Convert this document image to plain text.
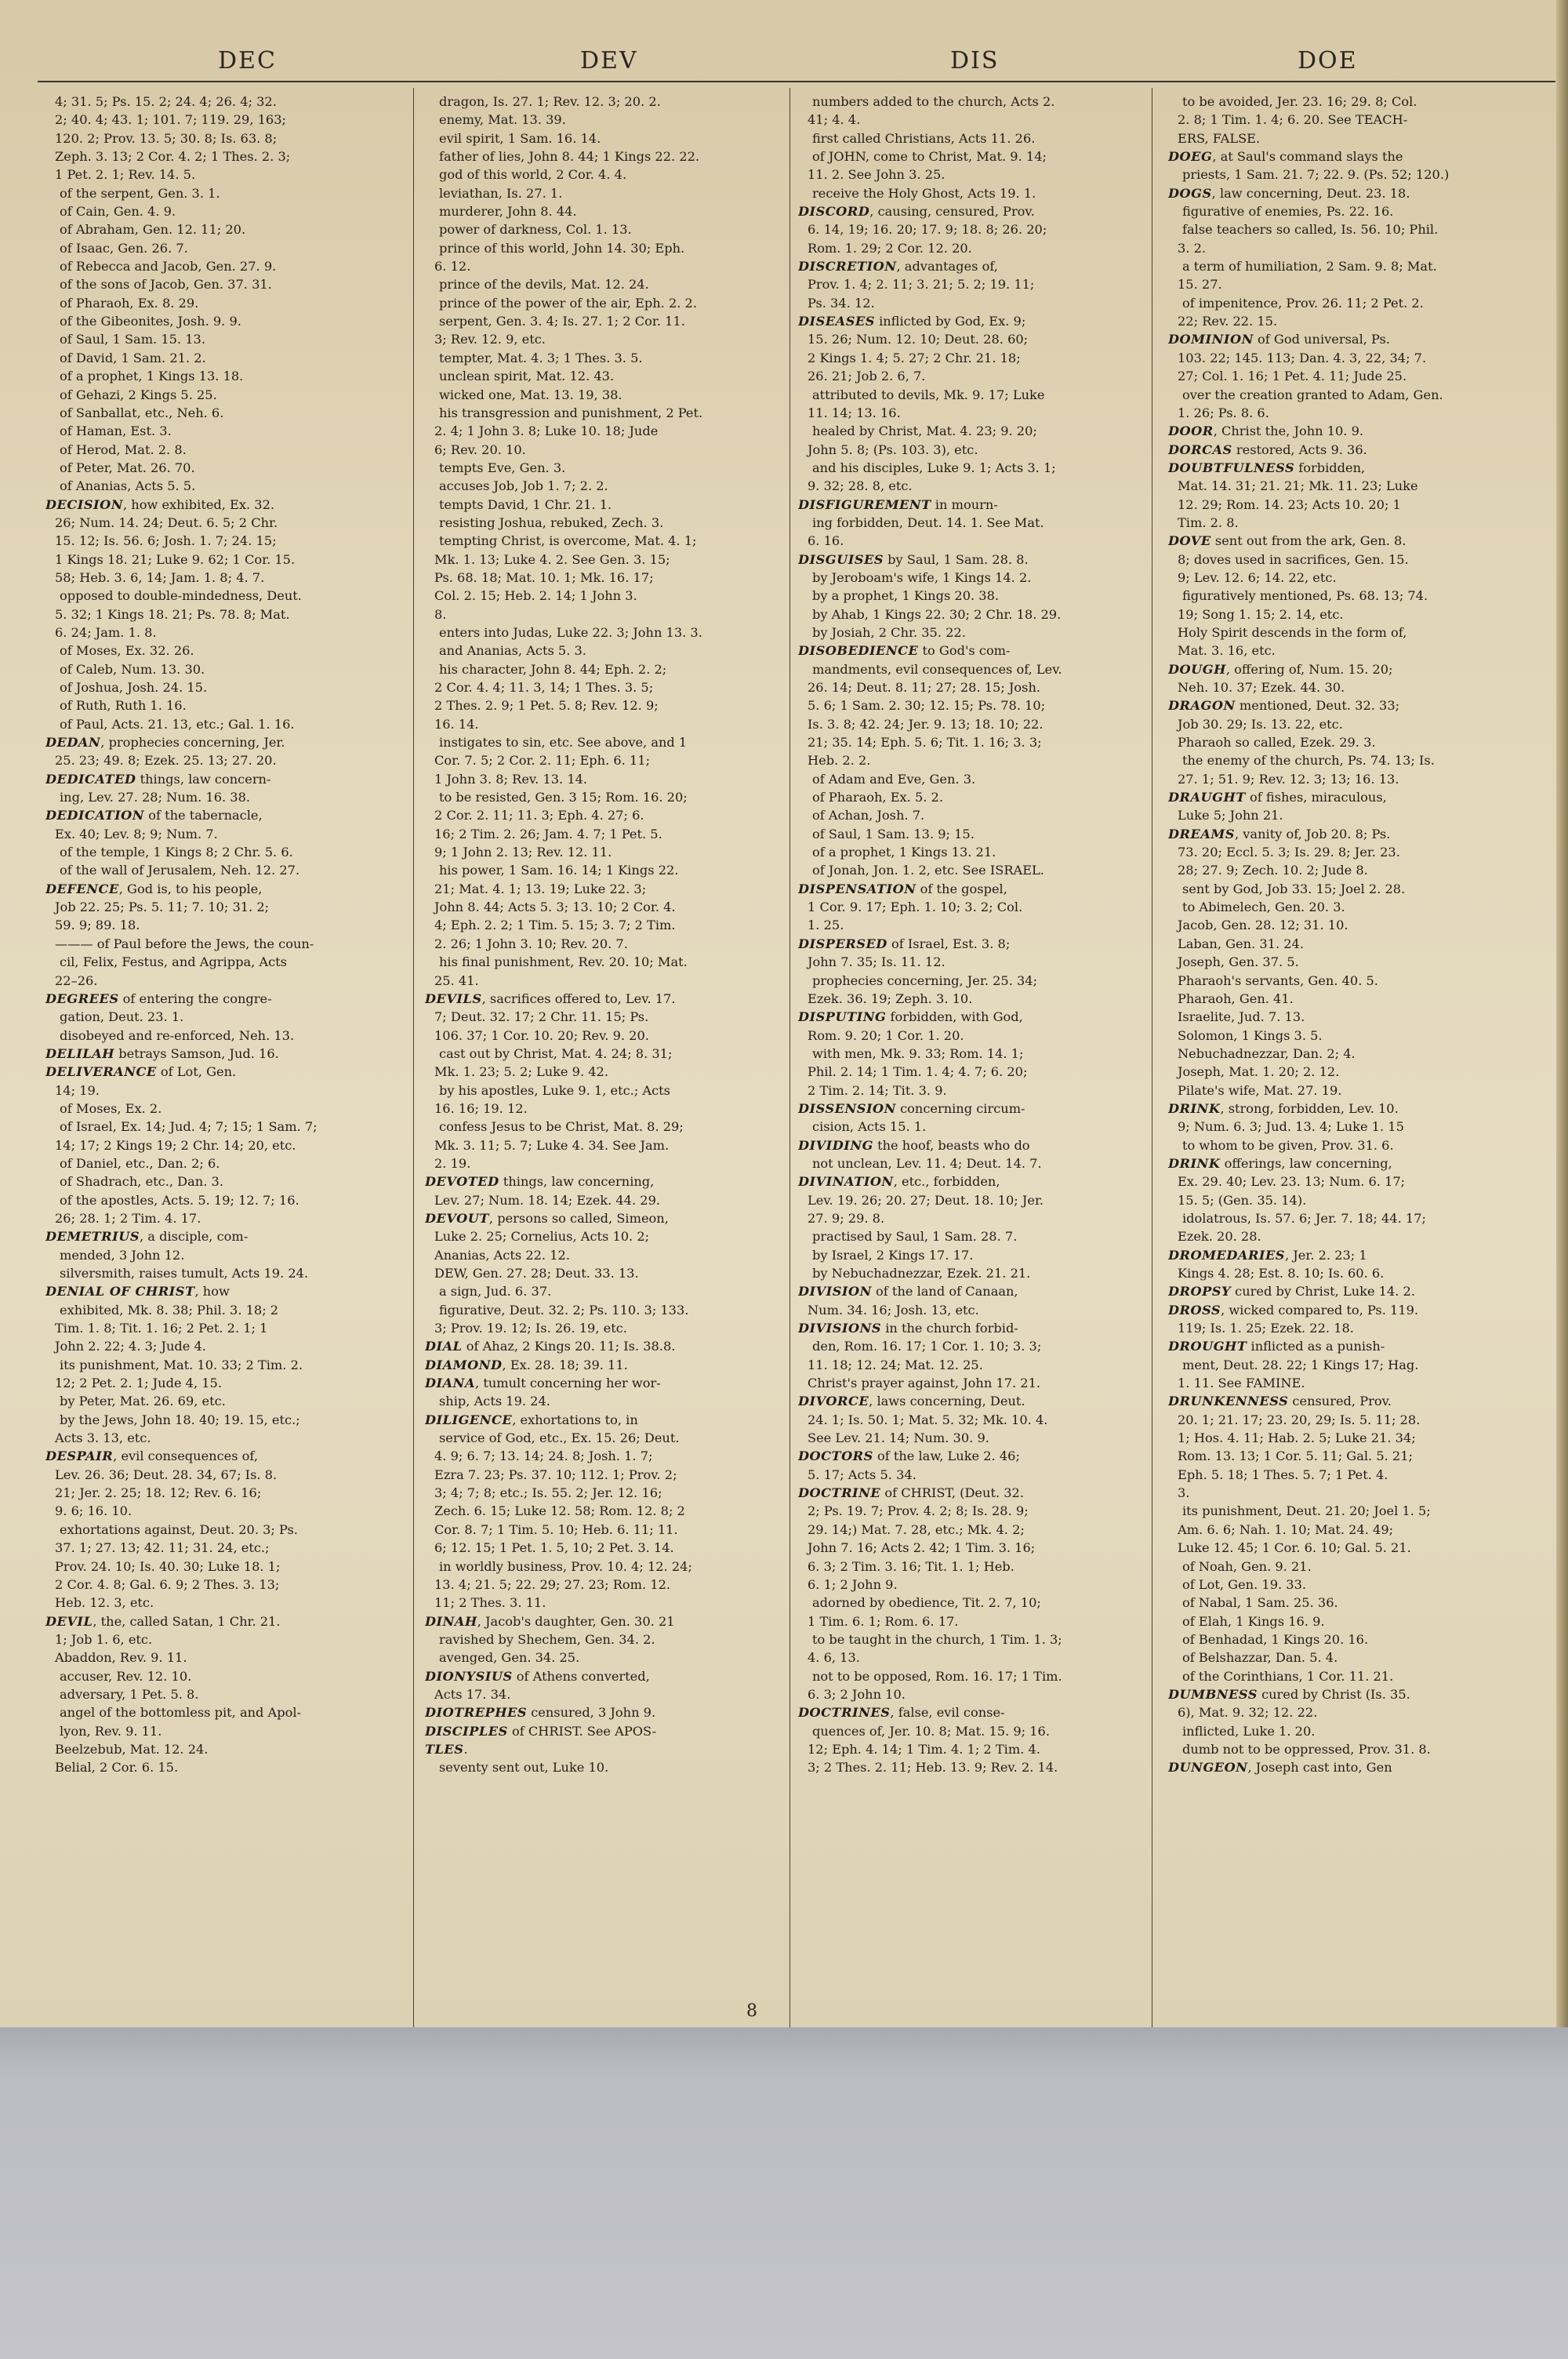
DEC	DEV	DIS	DOE
4; 31. 5; Ps. 15. 2; 24. 4; 26. 4; 32.
2; 40. 4; 43. 1; 101. 7; 119. 29, 163;
120. 2; Prov. 13. 5; 30. 8; Is. 63. 8;
Zeph. 3. 13; 2 Cor. 4. 2; 1 Thes. 2. 3;
1 Pet. 2. 1; Rev. 14. 5.
of the serpent, Gen. 3. 1.
of Cain, Gen. 4. 9.
of Abraham, Gen. 12. 11; 20.
of Isaac, Gen. 26. 7.
of Rebecca and Jacob, Gen. 27. 9.
of the sons of Jacob, Gen. 37. 31.
of Pharaoh, Ex. 8. 29.
of the Gibeonites, Josh. 9. 9.
of Saul, 1 Sam. 15. 13.
of David, 1 Sam. 21. 2.
of a prophet, 1 Kings 13. 18.
of Gehazi, 2 Kings 5. 25.
of Sanballat, etc., Neh. 6.
of Haman, Est. 3.
of Herod, Mat. 2. 8.
of Peter, Mat. 26. 70.
of Ananias, Acts 5. 5.
DECISION, how exhibited, Ex. 32.
26; Num. 14. 24; Deut. 6. 5; 2 Chr.
15. 12; Is. 56. 6; Josh. 1. 7; 24. 15;
1 Kings 18. 21; Luke 9. 62; 1 Cor. 15.
58; Heb. 3. 6, 14; Jam. 1. 8; 4. 7.
opposed to double-mindedness, Deut.
5. 32; 1 Kings 18. 21; Ps. 78. 8; Mat.
6. 24; Jam. 1. 8.
of Moses, Ex. 32. 26.
of Caleb, Num. 13. 30.
of Joshua, Josh. 24. 15.
of Ruth, Ruth 1. 16.
of Paul, Acts. 21. 13, etc.; Gal. 1. 16.
DEDAN, prophecies concerning, Jer.
25. 23; 49. 8; Ezek. 25. 13; 27. 20.
DEDICATED things, law concern-
ing, Lev. 27. 28; Num. 16. 38.
DEDICATION of the tabernacle,
Ex. 40; Lev. 8; 9; Num. 7.
of the temple, 1 Kings 8; 2 Chr. 5. 6.
of the wall of Jerusalem, Neh. 12. 27.
DEFENCE, God is, to his people,
Job 22. 25; Ps. 5. 11; 7. 10; 31. 2;
59. 9; 89. 18.
——— of Paul before the Jews, the coun-
cil, Felix, Festus, and Agrippa, Acts
22–26.
DEGREES of entering the congre-
gation, Deut. 23. 1.
disobeyed and re-enforced, Neh. 13.
DELILAH betrays Samson, Jud. 16.
DELIVERANCE of Lot, Gen.
14; 19.
of Moses, Ex. 2.
of Israel, Ex. 14; Jud. 4; 7; 15; 1 Sam. 7;
14; 17; 2 Kings 19; 2 Chr. 14; 20, etc.
of Daniel, etc., Dan. 2; 6.
of Shadrach, etc., Dan. 3.
of the apostles, Acts. 5. 19; 12. 7; 16.
26; 28. 1; 2 Tim. 4. 17.
DEMETRIUS, a disciple, com-
mended, 3 John 12.
silversmith, raises tumult, Acts 19. 24.
DENIAL OF CHRIST, how
exhibited, Mk. 8. 38; Phil. 3. 18; 2
Tim. 1. 8; Tit. 1. 16; 2 Pet. 2. 1; 1
John 2. 22; 4. 3; Jude 4.
its punishment, Mat. 10. 33; 2 Tim. 2.
12; 2 Pet. 2. 1; Jude 4, 15.
by Peter, Mat. 26. 69, etc.
by the Jews, John 18. 40; 19. 15, etc.;
Acts 3. 13, etc.
DESPAIR, evil consequences of,
Lev. 26. 36; Deut. 28. 34, 67; Is. 8.
21; Jer. 2. 25; 18. 12; Rev. 6. 16;
9. 6; 16. 10.
exhortations against, Deut. 20. 3; Ps.
37. 1; 27. 13; 42. 11; 31. 24, etc.;
Prov. 24. 10; Is. 40. 30; Luke 18. 1;
2 Cor. 4. 8; Gal. 6. 9; 2 Thes. 3. 13;
Heb. 12. 3, etc.
DEVIL, the, called Satan, 1 Chr. 21.
1; Job 1. 6, etc.
Abaddon, Rev. 9. 11.
accuser, Rev. 12. 10.
adversary, 1 Pet. 5. 8.
angel of the bottomless pit, and Apol-
lyon, Rev. 9. 11.
Beelzebub, Mat. 12. 24.
Belial, 2 Cor. 6. 15.
dragon, Is. 27. 1; Rev. 12. 3; 20. 2.
enemy, Mat. 13. 39.
evil spirit, 1 Sam. 16. 14.
father of lies, John 8. 44; 1 Kings 22. 22.
god of this world, 2 Cor. 4. 4.
leviathan, Is. 27. 1.
murderer, John 8. 44.
power of darkness, Col. 1. 13.
prince of this world, John 14. 30; Eph.
6. 12.
prince of the devils, Mat. 12. 24.
prince of the power of the air, Eph. 2. 2.
serpent, Gen. 3. 4; Is. 27. 1; 2 Cor. 11.
3; Rev. 12. 9, etc.
tempter, Mat. 4. 3; 1 Thes. 3. 5.
unclean spirit, Mat. 12. 43.
wicked one, Mat. 13. 19, 38.
his transgression and punishment, 2 Pet.
2. 4; 1 John 3. 8; Luke 10. 18; Jude
6; Rev. 20. 10.
tempts Eve, Gen. 3.
accuses Job, Job 1. 7; 2. 2.
tempts David, 1 Chr. 21. 1.
resisting Joshua, rebuked, Zech. 3.
tempting Christ, is overcome, Mat. 4. 1;
Mk. 1. 13; Luke 4. 2. See Gen. 3. 15;
Ps. 68. 18; Mat. 10. 1; Mk. 16. 17;
Col. 2. 15; Heb. 2. 14; 1 John 3.
8.
enters into Judas, Luke 22. 3; John 13. 3.
and Ananias, Acts 5. 3.
his character, John 8. 44; Eph. 2. 2;
2 Cor. 4. 4; 11. 3, 14; 1 Thes. 3. 5;
2 Thes. 2. 9; 1 Pet. 5. 8; Rev. 12. 9;
16. 14.
instigates to sin, etc. See above, and 1
Cor. 7. 5; 2 Cor. 2. 11; Eph. 6. 11;
1 John 3. 8; Rev. 13. 14.
to be resisted, Gen. 3 15; Rom. 16. 20;
2 Cor. 2. 11; 11. 3; Eph. 4. 27; 6.
16; 2 Tim. 2. 26; Jam. 4. 7; 1 Pet. 5.
9; 1 John 2. 13; Rev. 12. 11.
his power, 1 Sam. 16. 14; 1 Kings 22.
21; Mat. 4. 1; 13. 19; Luke 22. 3;
John 8. 44; Acts 5. 3; 13. 10; 2 Cor. 4.
4; Eph. 2. 2; 1 Tim. 5. 15; 3. 7; 2 Tim.
2. 26; 1 John 3. 10; Rev. 20. 7.
his final punishment, Rev. 20. 10; Mat.
25. 41.
DEVILS, sacrifices offered to, Lev. 17.
7; Deut. 32. 17; 2 Chr. 11. 15; Ps.
106. 37; 1 Cor. 10. 20; Rev. 9. 20.
cast out by Christ, Mat. 4. 24; 8. 31;
Mk. 1. 23; 5. 2; Luke 9. 42.
by his apostles, Luke 9. 1, etc.; Acts
16. 16; 19. 12.
confess Jesus to be Christ, Mat. 8. 29;
Mk. 3. 11; 5. 7; Luke 4. 34. See Jam.
2. 19.
DEVOTED things, law concerning,
Lev. 27; Num. 18. 14; Ezek. 44. 29.
DEVOUT, persons so called, Simeon,
Luke 2. 25; Cornelius, Acts 10. 2;
Ananias, Acts 22. 12.
DEW, Gen. 27. 28; Deut. 33. 13.
a sign, Jud. 6. 37.
figurative, Deut. 32. 2; Ps. 110. 3; 133.
3; Prov. 19. 12; Is. 26. 19, etc.
DIAL of Ahaz, 2 Kings 20. 11; Is. 38.8.
DIAMOND, Ex. 28. 18; 39. 11.
DIANA, tumult concerning her wor-
ship, Acts 19. 24.
DILIGENCE, exhortations to, in
service of God, etc., Ex. 15. 26; Deut.
4. 9; 6. 7; 13. 14; 24. 8; Josh. 1. 7;
Ezra 7. 23; Ps. 37. 10; 112. 1; Prov. 2;
3; 4; 7; 8; etc.; Is. 55. 2; Jer. 12. 16;
Zech. 6. 15; Luke 12. 58; Rom. 12. 8; 2
Cor. 8. 7; 1 Tim. 5. 10; Heb. 6. 11; 11.
6; 12. 15; 1 Pet. 1. 5, 10; 2 Pet. 3. 14.
in worldly business, Prov. 10. 4; 12. 24;
13. 4; 21. 5; 22. 29; 27. 23; Rom. 12.
11; 2 Thes. 3. 11.
DINAH, Jacob's daughter, Gen. 30. 21
ravished by Shechem, Gen. 34. 2.
avenged, Gen. 34. 25.
DIONYSIUS of Athens converted,
Acts 17. 34.
DIOTREPHES censured, 3 John 9.
DISCIPLES of CHRIST. See APOS-
TLES.
seventy sent out, Luke 10.
numbers added to the church, Acts 2.
41; 4. 4.
first called Christians, Acts 11. 26.
of JOHN, come to Christ, Mat. 9. 14;
11. 2. See John 3. 25.
receive the Holy Ghost, Acts 19. 1.
DISCORD, causing, censured, Prov.
6. 14, 19; 16. 20; 17. 9; 18. 8; 26. 20;
Rom. 1. 29; 2 Cor. 12. 20.
DISCRETION, advantages of,
Prov. 1. 4; 2. 11; 3. 21; 5. 2; 19. 11;
Ps. 34. 12.
DISEASES inflicted by God, Ex. 9;
15. 26; Num. 12. 10; Deut. 28. 60;
2 Kings 1. 4; 5. 27; 2 Chr. 21. 18;
26. 21; Job 2. 6, 7.
attributed to devils, Mk. 9. 17; Luke
11. 14; 13. 16.
healed by Christ, Mat. 4. 23; 9. 20;
John 5. 8; (Ps. 103. 3), etc.
and his disciples, Luke 9. 1; Acts 3. 1;
9. 32; 28. 8, etc.
DISFIGUREMENT in mourn-
ing forbidden, Deut. 14. 1. See Mat.
6. 16.
DISGUISES by Saul, 1 Sam. 28. 8.
by Jeroboam's wife, 1 Kings 14. 2.
by a prophet, 1 Kings 20. 38.
by Ahab, 1 Kings 22. 30; 2 Chr. 18. 29.
by Josiah, 2 Chr. 35. 22.
DISOBEDIENCE to God's com-
mandments, evil consequences of, Lev.
26. 14; Deut. 8. 11; 27; 28. 15; Josh.
5. 6; 1 Sam. 2. 30; 12. 15; Ps. 78. 10;
Is. 3. 8; 42. 24; Jer. 9. 13; 18. 10; 22.
21; 35. 14; Eph. 5. 6; Tit. 1. 16; 3. 3;
Heb. 2. 2.
of Adam and Eve, Gen. 3.
of Pharaoh, Ex. 5. 2.
of Achan, Josh. 7.
of Saul, 1 Sam. 13. 9; 15.
of a prophet, 1 Kings 13. 21.
of Jonah, Jon. 1. 2, etc. See ISRAEL.
DISPENSATION of the gospel,
1 Cor. 9. 17; Eph. 1. 10; 3. 2; Col.
1. 25.
DISPERSED of Israel, Est. 3. 8;
John 7. 35; Is. 11. 12.
prophecies concerning, Jer. 25. 34;
Ezek. 36. 19; Zeph. 3. 10.
DISPUTING forbidden, with God,
Rom. 9. 20; 1 Cor. 1. 20.
with men, Mk. 9. 33; Rom. 14. 1;
Phil. 2. 14; 1 Tim. 1. 4; 4. 7; 6. 20;
2 Tim. 2. 14; Tit. 3. 9.
DISSENSION concerning circum-
cision, Acts 15. 1.
DIVIDING the hoof, beasts who do
not unclean, Lev. 11. 4; Deut. 14. 7.
DIVINATION, etc., forbidden,
Lev. 19. 26; 20. 27; Deut. 18. 10; Jer.
27. 9; 29. 8.
practised by Saul, 1 Sam. 28. 7.
by Israel, 2 Kings 17. 17.
by Nebuchadnezzar, Ezek. 21. 21.
DIVISION of the land of Canaan,
Num. 34. 16; Josh. 13, etc.
DIVISIONS in the church forbid-
den, Rom. 16. 17; 1 Cor. 1. 10; 3. 3;
11. 18; 12. 24; Mat. 12. 25.
Christ's prayer against, John 17. 21.
DIVORCE, laws concerning, Deut.
24. 1; Is. 50. 1; Mat. 5. 32; Mk. 10. 4.
See Lev. 21. 14; Num. 30. 9.
DOCTORS of the law, Luke 2. 46;
5. 17; Acts 5. 34.
DOCTRINE of CHRIST, (Deut. 32.
2; Ps. 19. 7; Prov. 4. 2; 8; Is. 28. 9;
29. 14;) Mat. 7. 28, etc.; Mk. 4. 2;
John 7. 16; Acts 2. 42; 1 Tim. 3. 16;
6. 3; 2 Tim. 3. 16; Tit. 1. 1; Heb.
6. 1; 2 John 9.
adorned by obedience, Tit. 2. 7, 10;
1 Tim. 6. 1; Rom. 6. 17.
to be taught in the church, 1 Tim. 1. 3;
4. 6, 13.
not to be opposed, Rom. 16. 17; 1 Tim.
6. 3; 2 John 10.
DOCTRINES, false, evil conse-
quences of, Jer. 10. 8; Mat. 15. 9; 16.
12; Eph. 4. 14; 1 Tim. 4. 1; 2 Tim. 4.
3; 2 Thes. 2. 11; Heb. 13. 9; Rev. 2. 14.
to be avoided, Jer. 23. 16; 29. 8; Col.
2. 8; 1 Tim. 1. 4; 6. 20. See TEACH-
ERS, FALSE.
DOEG, at Saul's command slays the
priests, 1 Sam. 21. 7; 22. 9. (Ps. 52; 120.)
DOGS, law concerning, Deut. 23. 18.
figurative of enemies, Ps. 22. 16.
false teachers so called, Is. 56. 10; Phil.
3. 2.
a term of humiliation, 2 Sam. 9. 8; Mat.
15. 27.
of impenitence, Prov. 26. 11; 2 Pet. 2.
22; Rev. 22. 15.
DOMINION of God universal, Ps.
103. 22; 145. 113; Dan. 4. 3, 22, 34; 7.
27; Col. 1. 16; 1 Pet. 4. 11; Jude 25.
over the creation granted to Adam, Gen.
1. 26; Ps. 8. 6.
DOOR, Christ the, John 10. 9.
DORCAS restored, Acts 9. 36.
DOUBTFULNESS forbidden,
Mat. 14. 31; 21. 21; Mk. 11. 23; Luke
12. 29; Rom. 14. 23; Acts 10. 20; 1
Tim. 2. 8.
DOVE sent out from the ark, Gen. 8.
8; doves used in sacrifices, Gen. 15.
9; Lev. 12. 6; 14. 22, etc.
figuratively mentioned, Ps. 68. 13; 74.
19; Song 1. 15; 2. 14, etc.
Holy Spirit descends in the form of,
Mat. 3. 16, etc.
DOUGH, offering of, Num. 15. 20;
Neh. 10. 37; Ezek. 44. 30.
DRAGON mentioned, Deut. 32. 33;
Job 30. 29; Is. 13. 22, etc.
Pharaoh so called, Ezek. 29. 3.
the enemy of the church, Ps. 74. 13; Is.
27. 1; 51. 9; Rev. 12. 3; 13; 16. 13.
DRAUGHT of fishes, miraculous,
Luke 5; John 21.
DREAMS, vanity of, Job 20. 8; Ps.
73. 20; Eccl. 5. 3; Is. 29. 8; Jer. 23.
28; 27. 9; Zech. 10. 2; Jude 8.
sent by God, Job 33. 15; Joel 2. 28.
to Abimelech, Gen. 20. 3.
Jacob, Gen. 28. 12; 31. 10.
Laban, Gen. 31. 24.
Joseph, Gen. 37. 5.
Pharaoh's servants, Gen. 40. 5.
Pharaoh, Gen. 41.
Israelite, Jud. 7. 13.
Solomon, 1 Kings 3. 5.
Nebuchadnezzar, Dan. 2; 4.
Joseph, Mat. 1. 20; 2. 12.
Pilate's wife, Mat. 27. 19.
DRINK, strong, forbidden, Lev. 10.
9; Num. 6. 3; Jud. 13. 4; Luke 1. 15
to whom to be given, Prov. 31. 6.
DRINK offerings, law concerning,
Ex. 29. 40; Lev. 23. 13; Num. 6. 17;
15. 5; (Gen. 35. 14).
idolatrous, Is. 57. 6; Jer. 7. 18; 44. 17;
Ezek. 20. 28.
DROMEDARIES, Jer. 2. 23; 1
Kings 4. 28; Est. 8. 10; Is. 60. 6.
DROPSY cured by Christ, Luke 14. 2.
DROSS, wicked compared to, Ps. 119.
119; Is. 1. 25; Ezek. 22. 18.
DROUGHT inflicted as a punish-
ment, Deut. 28. 22; 1 Kings 17; Hag.
1. 11. See FAMINE.
DRUNKENNESS censured, Prov.
20. 1; 21. 17; 23. 20, 29; Is. 5. 11; 28.
1; Hos. 4. 11; Hab. 2. 5; Luke 21. 34;
Rom. 13. 13; 1 Cor. 5. 11; Gal. 5. 21;
Eph. 5. 18; 1 Thes. 5. 7; 1 Pet. 4.
3.
its punishment, Deut. 21. 20; Joel 1. 5;
Am. 6. 6; Nah. 1. 10; Mat. 24. 49;
Luke 12. 45; 1 Cor. 6. 10; Gal. 5. 21.
of Noah, Gen. 9. 21.
of Lot, Gen. 19. 33.
of Nabal, 1 Sam. 25. 36.
of Elah, 1 Kings 16. 9.
of Benhadad, 1 Kings 20. 16.
of Belshazzar, Dan. 5. 4.
of the Corinthians, 1 Cor. 11. 21.
DUMBNESS cured by Christ (Is. 35.
6), Mat. 9. 32; 12. 22.
inflicted, Luke 1. 20.
dumb not to be oppressed, Prov. 31. 8.
DUNGEON, Joseph cast into, Gen
8
